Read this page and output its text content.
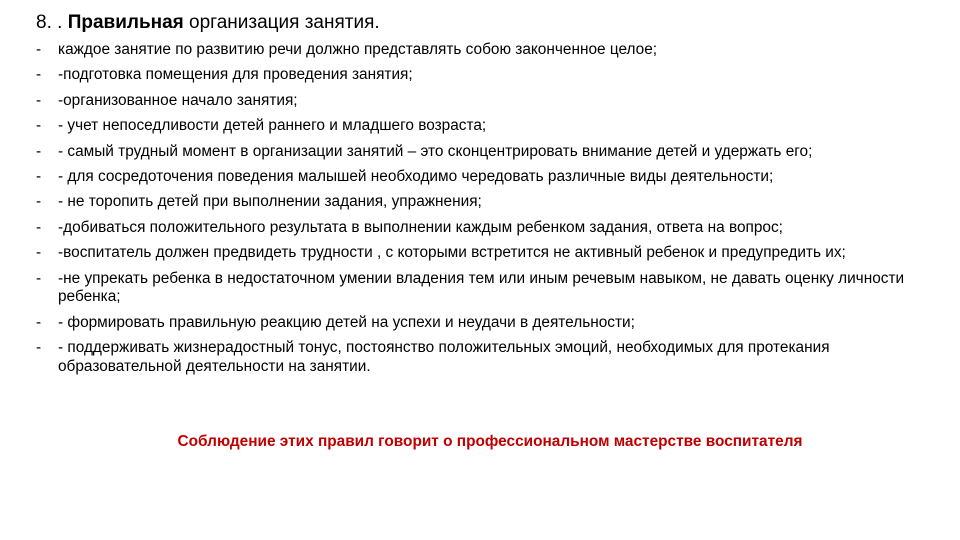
8. . Правильная организация занятия.
- каждое занятие по развитию речи должно представлять собою законченное целое;
- -подготовка помещения для проведения занятия;
- -организованное начало занятия;
- - учет непоседливости детей раннего и младшего возраста;
- - самый трудный момент в организации занятий – это сконцентрировать внимание детей и удержать его;
- - для сосредоточения поведения малышей необходимо чередовать различные виды деятельности;
- - не торопить детей при выполнении задания, упражнения;
- -добиваться положительного результата в выполнении каждым ребенком задания, ответа на вопрос;
- -воспитатель должен предвидеть трудности , с которыми встретится не активный ребенок и предупредить их;
- -не упрекать ребенка в недостаточном умении владения тем или иным речевым навыком, не давать оценку личности ребенка;
- - формировать правильную реакцию детей на успехи и неудачи в деятельности;
- - поддерживать жизнерадостный тонус, постоянство положительных эмоций, необходимых для протекания образовательной деятельности на занятии.
Соблюдение этих правил говорит о профессиональном мастерстве воспитателя
